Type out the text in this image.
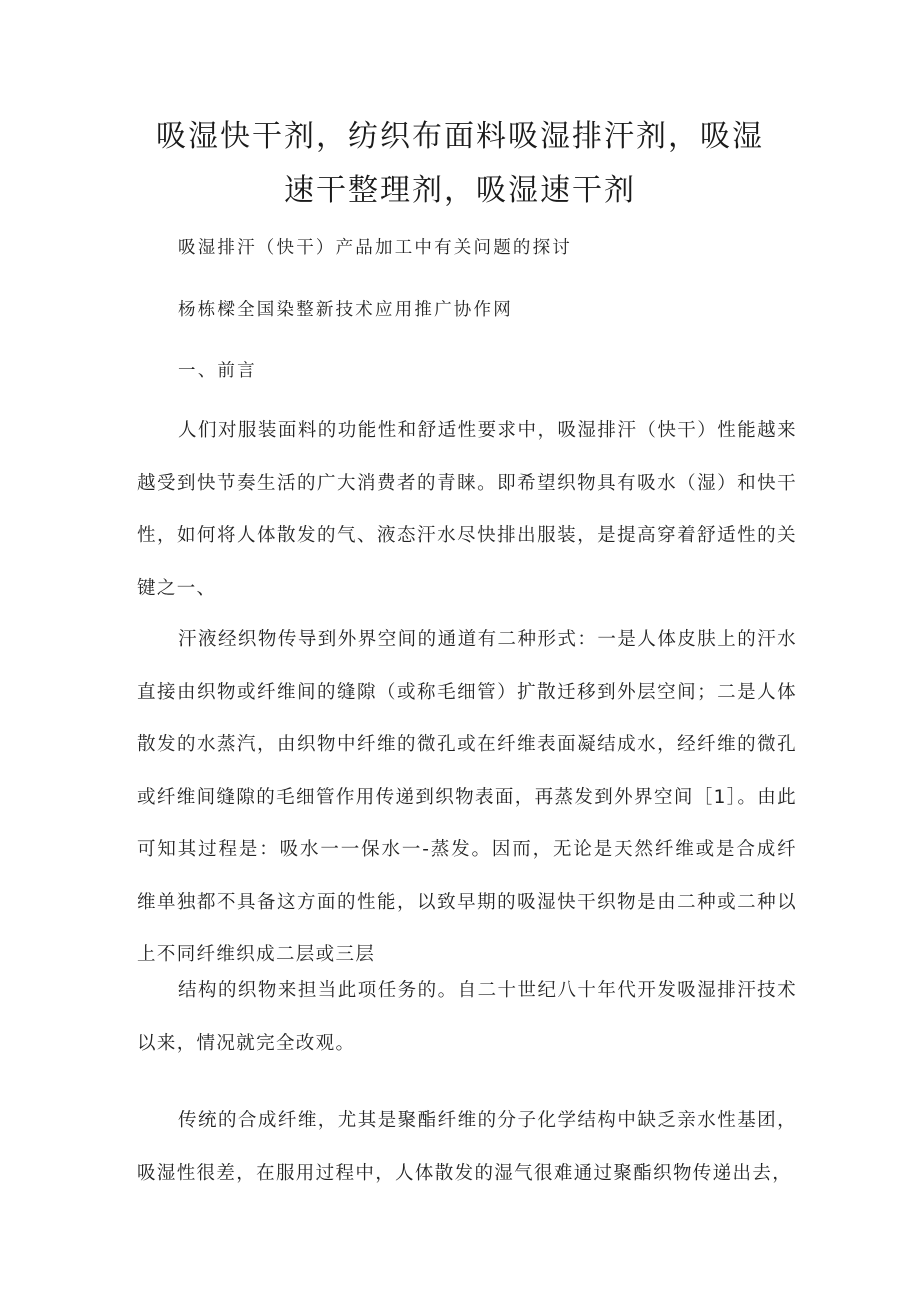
吸湿快干剂，纺织布面料吸湿排汗剂，吸湿
速干整理剂，吸湿速干剂
吸湿排汗（快干）产品加工中有关问题的探讨
杨栋樑全国染整新技术应用推广协作网
一、前言

人们对服装面料的功能性和舒适性要求中，吸湿排汗（快干）性能越来越受到快节奏生活的广大消费者的青睐。即希望织物具有吸水（湿）和快干性，如何将人体散发的气、液态汗水尽快排出服装，是提高穿着舒适性的关键之一、

汗液经织物传导到外界空间的通道有二种形式：一是人体皮肤上的汗水直接由织物或纤维间的缝隙（或称毛细管）扩散迁移到外层空间；二是人体散发的水蒸汽，由织物中纤维的微孔或在纤维表面凝结成水，经纤维的微孔或纤维间缝隙的毛细管作用传递到织物表面，再蒸发到外界空间［1］。由此可知其过程是：吸水一一保水一-蒸发。因而，无论是天然纤维或是合成纤维单独都不具备这方面的性能，以致早期的吸湿快干织物是由二种或二种以上不同纤维织成二层或三层

结构的织物来担当此项任务的。自二十世纪八十年代开发吸湿排汗技术以来，情况就完全改观。

传统的合成纤维，尤其是聚酯纤维的分子化学结构中缺乏亲水性基团，吸湿性很差，在服用过程中，人体散发的湿气很难通过聚酯织物传递出去，
